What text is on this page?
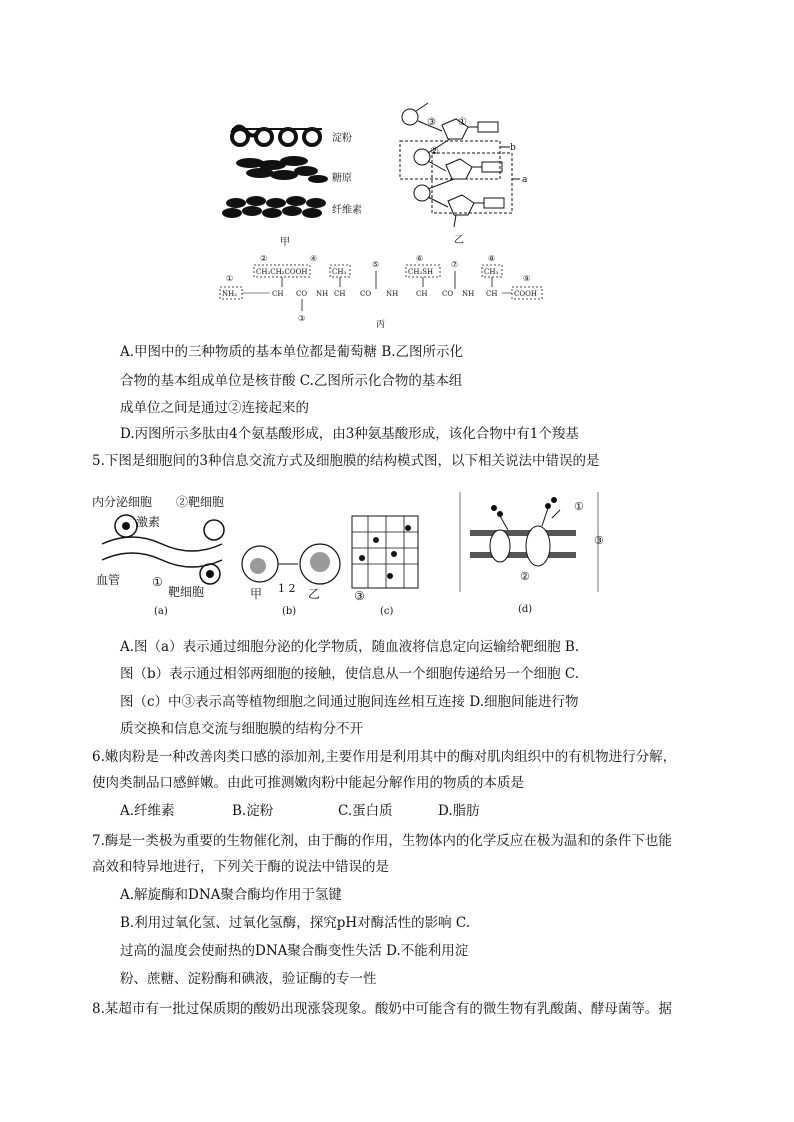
淀粉
糖原
纤维素
甲
③ ①
②	b
a
乙
①
②	④
⑤
⑥
⑦
⑧
⑨
③
CH₂CH₂COOH	CH₃	CH₂SH	CH₃
NH₂	CH CO NH CH CO NH	CH CO NH CH COOH
丙
A.甲图中的三种物质的基本单位都是葡萄糖 B.乙图所示化
合物的基本组成单位是核苷酸 C.乙图所示化合物的基本组
成单位之间是通过②连接起来的
D.丙图所示多肽由4个氨基酸形成，由3种氨基酸形成，该化合物中有1个羧基
5.下图是细胞间的3种信息交流方式及细胞膜的结构模式图，以下相关说法中错误的是
内分泌细胞 ②靶细胞
激素
血管	①
靶细胞
(a)
甲 1 2 乙
(b)
③
(c)
①
②
③
(d)
A.图（a）表示通过细胞分泌的化学物质，随血液将信息定向运输给靶细胞 B.
图（b）表示通过相邻两细胞的接触，使信息从一个细胞传递给另一个细胞 C.
图（c）中③表示高等植物细胞之间通过胞间连丝相互连接 D.细胞间能进行物
质交换和信息交流与细胞膜的结构分不开
6.嫩肉粉是一种改善肉类口感的添加剂,主要作用是利用其中的酶对肌肉组织中的有机物进行分解，
使肉类制品口感鲜嫩。由此可推测嫩肉粉中能起分解作用的物质的本质是
A.纤维素	B.淀粉	C.蛋白质	D.脂肪
7.酶是一类极为重要的生物催化剂，由于酶的作用，生物体内的化学反应在极为温和的条件下也能
高效和特异地进行，下列关于酶的说法中错误的是
A.解旋酶和DNA聚合酶均作用于氢键
B.利用过氧化氢、过氧化氢酶，探究pH对酶活性的影响 C.
过高的温度会使耐热的DNA聚合酶变性失活 D.不能利用淀
粉、蔗糖、淀粉酶和碘液，验证酶的专一性
8.某超市有一批过保质期的酸奶出现涨袋现象。酸奶中可能含有的微生物有乳酸菌、酵母菌等。据
